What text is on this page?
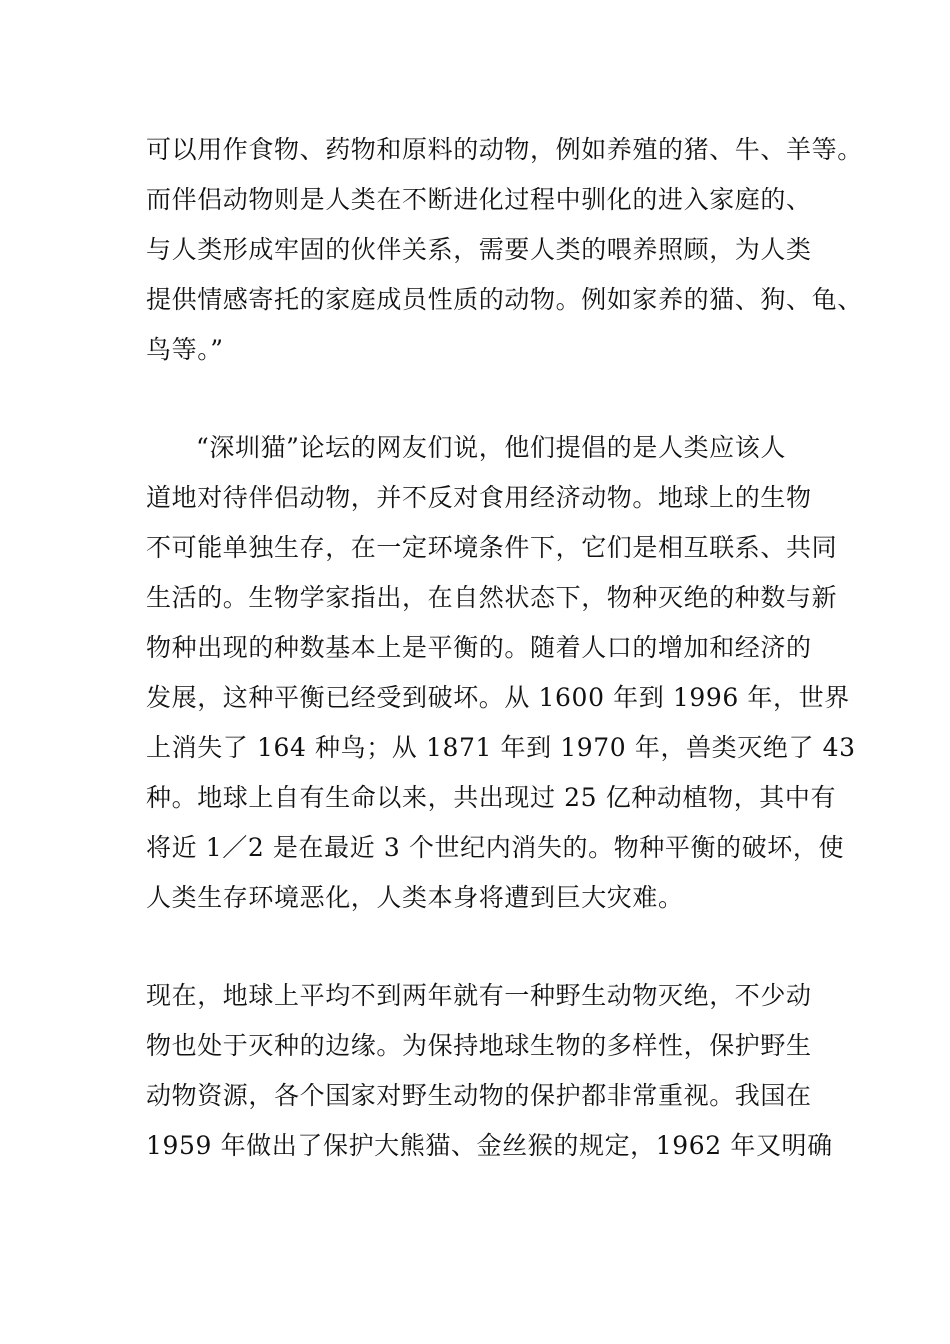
可以用作食物、药物和原料的动物，例如养殖的猪、牛、羊等。
而伴侣动物则是人类在不断进化过程中驯化的进入家庭的、
与人类形成牢固的伙伴关系，需要人类的喂养照顾，为人类
提供情感寄托的家庭成员性质的动物。例如家养的猫、狗、龟、
鸟等。”
“深圳猫”论坛的网友们说，他们提倡的是人类应该人
道地对待伴侣动物，并不反对食用经济动物。地球上的生物
不可能单独生存，在一定环境条件下，它们是相互联系、共同
生活的。生物学家指出，在自然状态下，物种灭绝的种数与新
物种出现的种数基本上是平衡的。随着人口的增加和经济的
发展，这种平衡已经受到破坏。从 1600 年到 1996 年，世界
上消失了 164 种鸟；从 1871 年到 1970 年，兽类灭绝了 43
种。地球上自有生命以来，共出现过 25 亿种动植物，其中有
将近 1／2 是在最近 3 个世纪内消失的。物种平衡的破坏，使
人类生存环境恶化，人类本身将遭到巨大灾难。
现在，地球上平均不到两年就有一种野生动物灭绝，不少动
物也处于灭种的边缘。为保持地球生物的多样性，保护野生
动物资源，各个国家对野生动物的保护都非常重视。我国在
1959 年做出了保护大熊猫、金丝猴的规定，1962 年又明确
